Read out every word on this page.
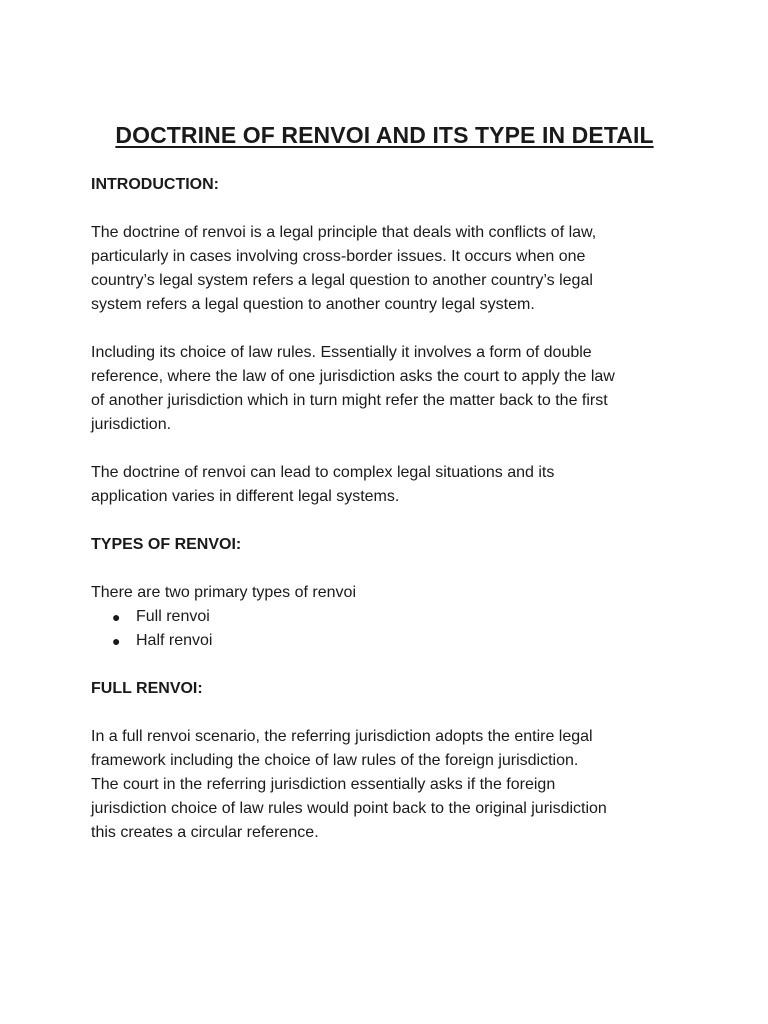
DOCTRINE OF RENVOI AND ITS TYPE IN DETAIL
INTRODUCTION:

The doctrine of renvoi is a legal principle that deals with conflicts of law,
particularly in cases involving cross-border issues. It occurs when one
country’s legal system refers a legal question to another country’s legal
system refers a legal question to another country legal system.

Including its choice of law rules. Essentially it involves a form of double
reference, where the law of one jurisdiction asks the court to apply the law
of another jurisdiction which in turn might refer the matter back to the first
jurisdiction.

The doctrine of renvoi can lead to complex legal situations and its
application varies in different legal systems.

TYPES OF RENVOI:

There are two primary types of renvoi

● Full renvoi
● Half renvoi
FULL RENVOI:

In a full renvoi scenario, the referring jurisdiction adopts the entire legal
framework including the choice of law rules of the foreign jurisdiction.
The court in the referring jurisdiction essentially asks if the foreign
jurisdiction choice of law rules would point back to the original jurisdiction
this creates a circular reference.
